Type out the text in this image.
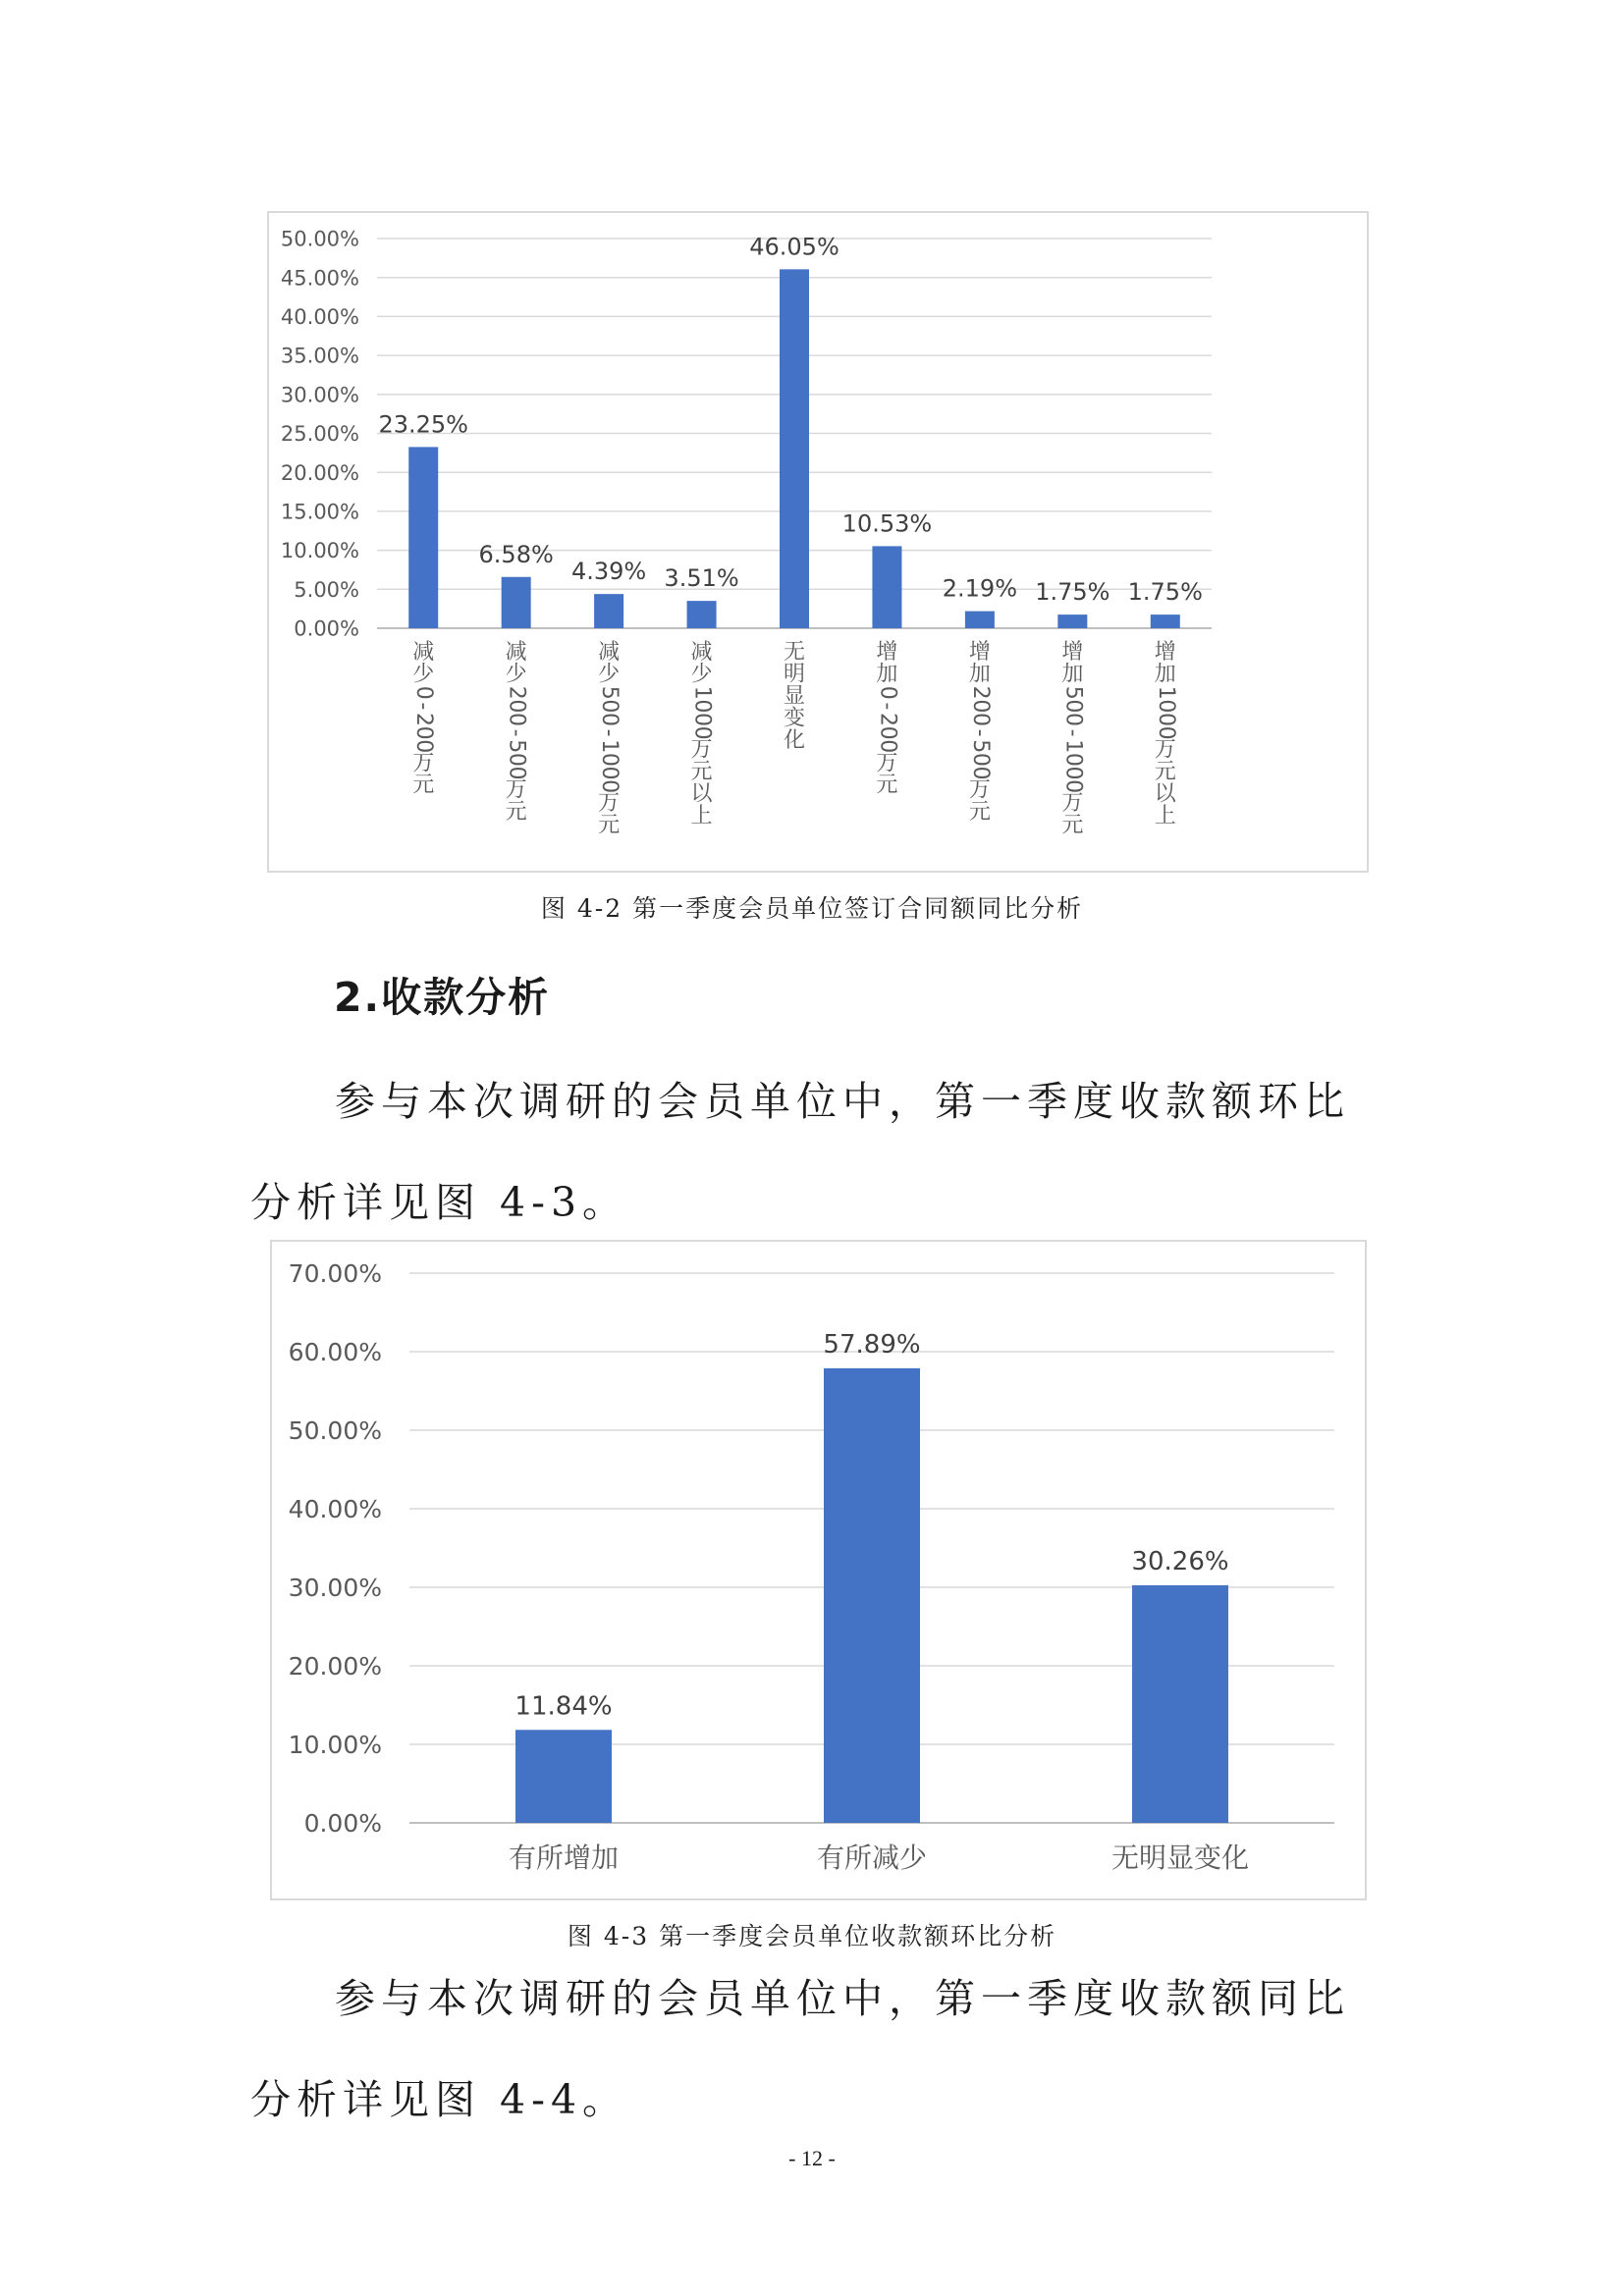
0.00%
5.00%
10.00%
15.00%
20.00%
25.00%
30.00%
35.00%
40.00%
45.00%
50.00%
23.25%
减
少
0
-
2
0
0
万
元
6.58%
减
少
2
0
0
-
5
0
0
万
元
4.39%
减
少
5
0
0
-
1
0
0
0
万
元
3.51%
减
少
1
0
0
0
万
元
以
上
46.05%
无
明
显
变
化
10.53%
增
加
0
-
2
0
0
万
元
2.19%
增
加
2
0
0
-
5
0
0
万
元
1.75%
增
加
5
0
0
-
1
0
0
0
万
元
1.75%
增
加
1
0
0
0
万
元
以
上
图 4-2 第一季度会员单位签订合同额同比分析
2.收款分析

参与本次调研的会员单位中，第一季度收款额环比分析详见图 4-3。

0.00%
10.00%
20.00%
30.00%
40.00%
50.00%
60.00%
70.00%
11.84%
有所增加
57.89%
有所减少
30.26%
无明显变化
图 4-3 第一季度会员单位收款额环比分析

参与本次调研的会员单位中，第一季度收款额同比分析详见图 4-4。

- 12 -
